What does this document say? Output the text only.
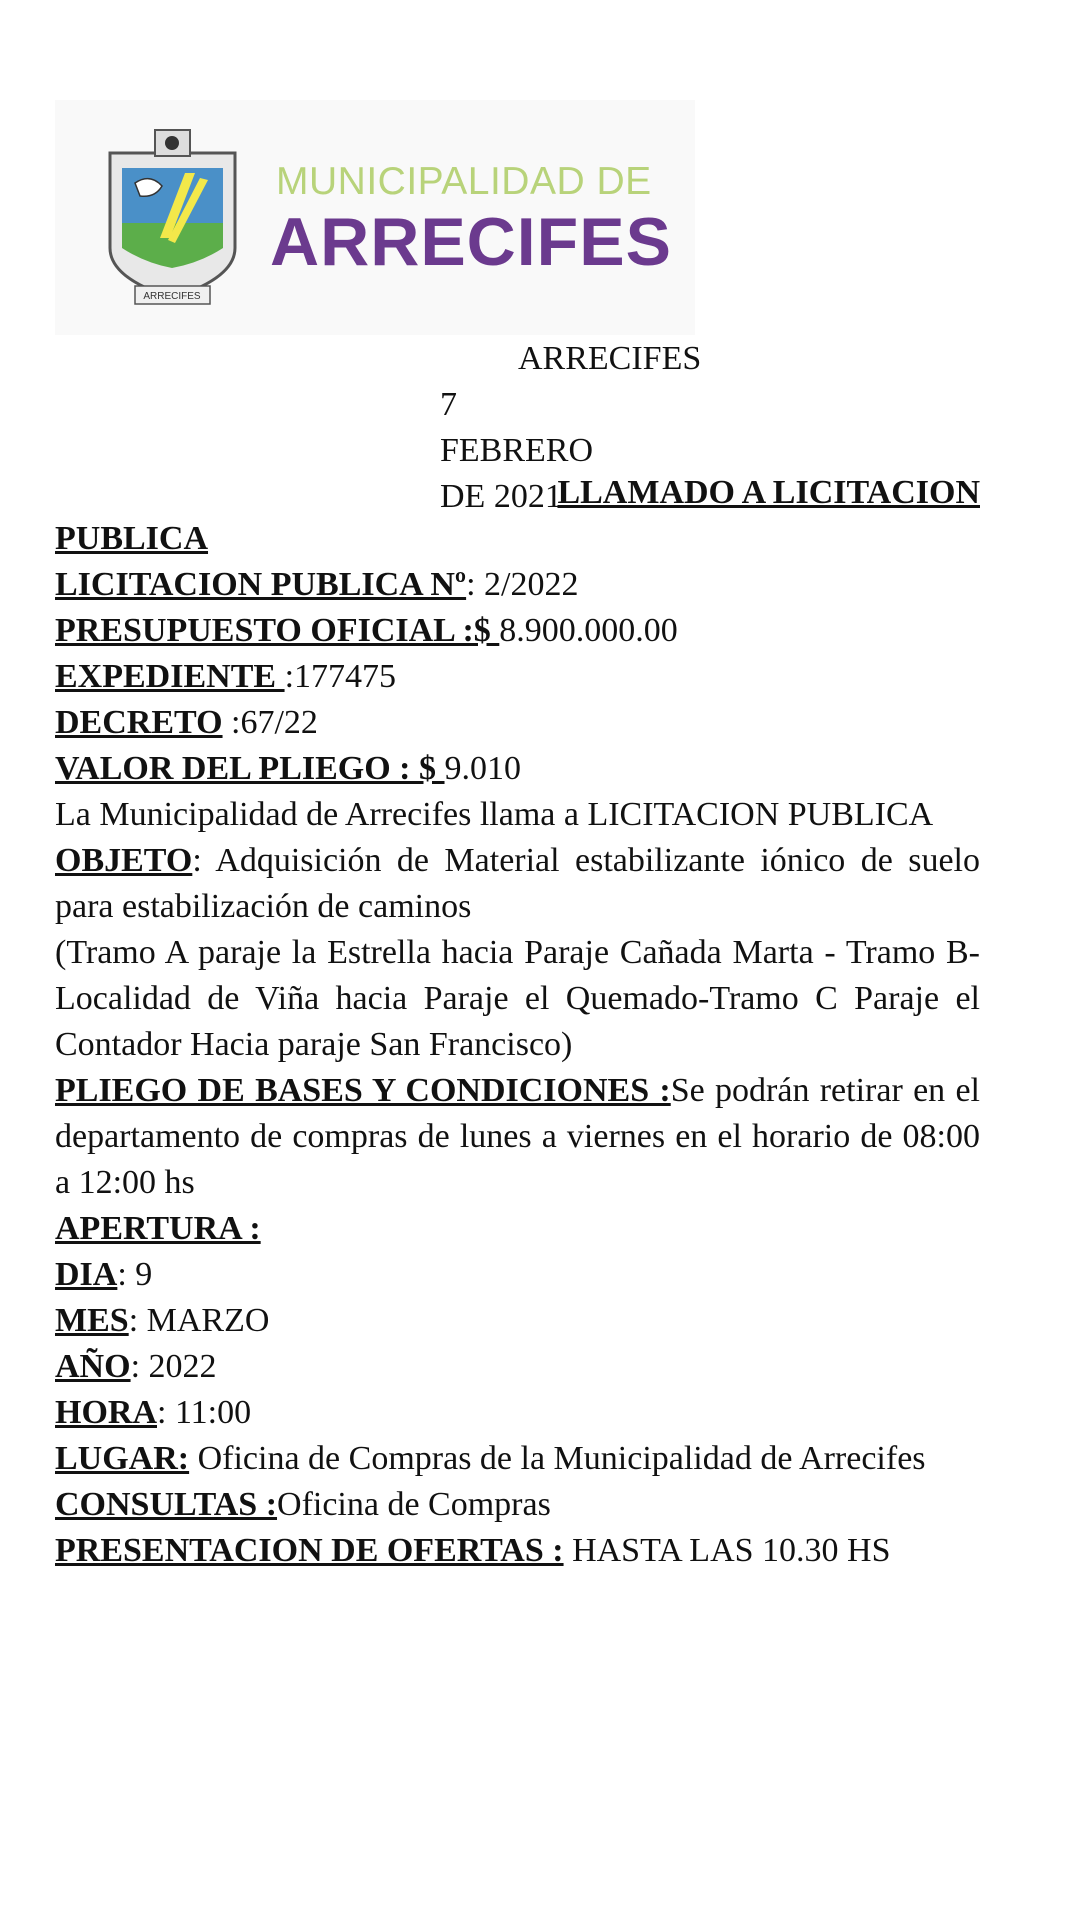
ARRECIFES
MUNICIPALIDAD DE
ARRECIFES
ARRECIFES 7 FEBRERO DE 2021
LLAMADO A LICITACION
PUBLICA
LICITACION PUBLICA Nº: 2/2022
PRESUPUESTO OFICIAL :$ 8.900.000.00
EXPEDIENTE :177475
DECRETO :67/22
VALOR DEL PLIEGO : $ 9.010
La Municipalidad de Arrecifes llama a LICITACION PUBLICA
OBJETO: Adquisición de Material estabilizante iónico de suelo para estabilización de caminos
(Tramo A paraje la Estrella hacia Paraje Cañada Marta - Tramo B-Localidad de Viña hacia Paraje el Quemado-Tramo C Paraje el Contador Hacia paraje San Francisco)
PLIEGO DE BASES Y CONDICIONES :Se podrán retirar en el departamento de compras de lunes a viernes en el horario de 08:00 a 12:00 hs
APERTURA :
DIA: 9
MES: MARZO
AÑO: 2022
HORA: 11:00
LUGAR: Oficina de Compras de la Municipalidad de Arrecifes
CONSULTAS :Oficina de Compras
PRESENTACION DE OFERTAS : HASTA LAS 10.30 HS
